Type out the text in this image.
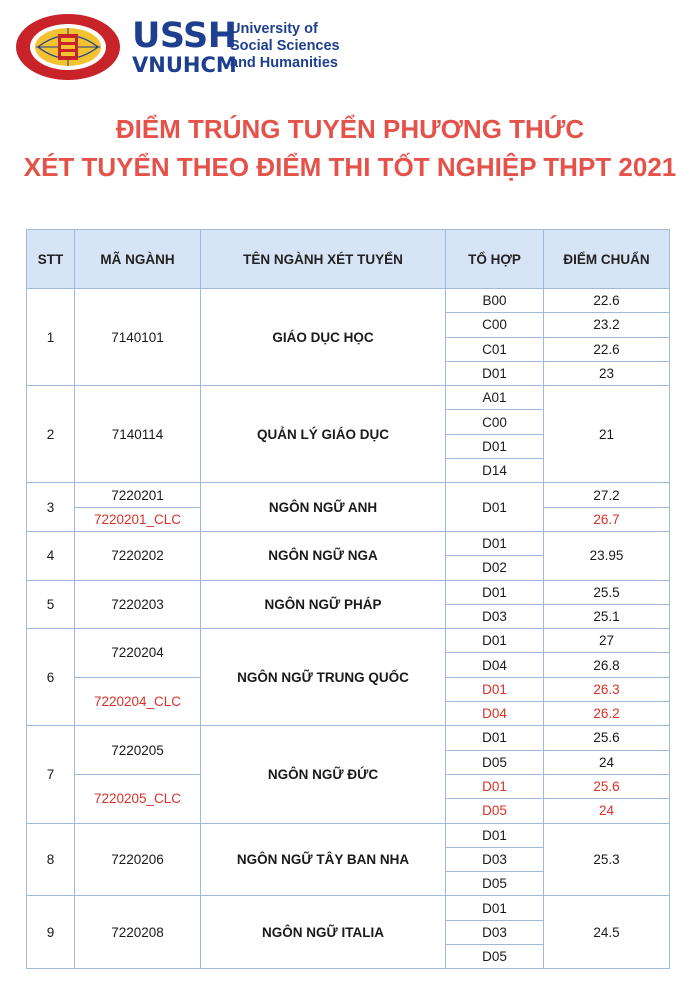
USSH
VNUHCM
University of
Social Sciences
and Humanities
ĐIỂM TRÚNG TUYỂN PHƯƠNG THỨC
XÉT TUYỂN THEO ĐIỂM THI TỐT NGHIỆP THPT 2021
STT	MÃ NGÀNH	TÊN NGÀNH XÉT TUYỂN	TỔ HỢP	ĐIỂM CHUẨN
1	7140101	GIÁO DỤC HỌC	B00	22.6
			C00	23.2
			C01	22.6
			D01	23
2	7140114	QUẢN LÝ GIÁO DỤC	A01	21
			C00	
			D01	
			D14	
3	7220201	NGÔN NGỮ ANH	D01	27.2
	7220201_CLC			26.7
4	7220202	NGÔN NGỮ NGA	D01	23.95
			D02	
5	7220203	NGÔN NGỮ PHÁP	D01	25.5
			D03	25.1
6	7220204	NGÔN NGỮ TRUNG QUỐC	D01	27
			D04	26.8
	7220204_CLC		D01	26.3
			D04	26.2
7	7220205	NGÔN NGỮ ĐỨC	D01	25.6
			D05	24
	7220205_CLC		D01	25.6
			D05	24
8	7220206	NGÔN NGỮ TÂY BAN NHA	D01	25.3
			D03	
			D05	
9	7220208	NGÔN NGỮ ITALIA	D01	24.5
			D03	
			D05	
